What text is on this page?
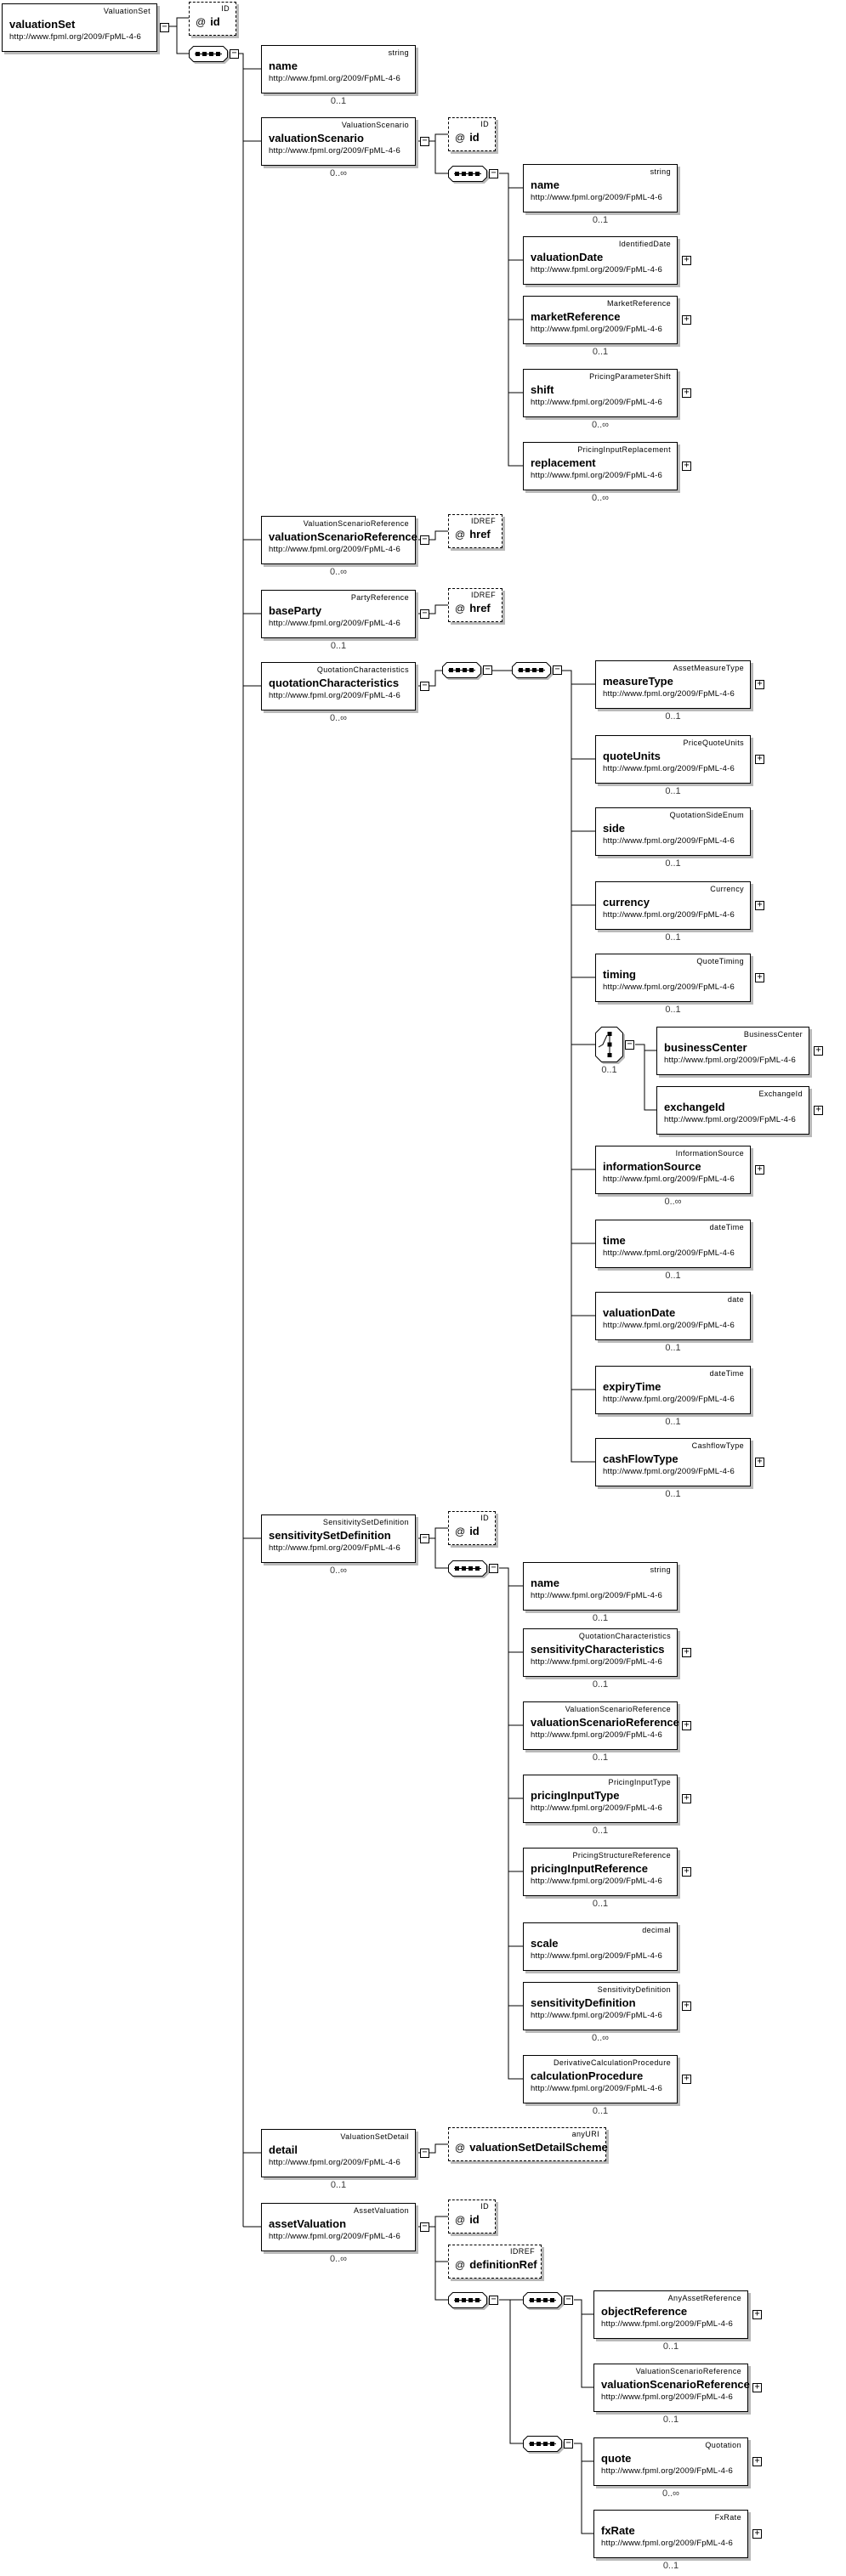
ValuationSet
valuationSet
http://www.fpml.org/2009/FpML-4-6
−
ID
@ id
−	string
name
http://www.fpml.org/2009/FpML-4-6
0..1
ValuationScenario
valuationScenario
http://www.fpml.org/2009/FpML-4-6
−
0..∞
ID
@ id
−	string
name
http://www.fpml.org/2009/FpML-4-6
0..1
IdentifiedDate
valuationDate
http://www.fpml.org/2009/FpML-4-6
+
MarketReference
marketReference
http://www.fpml.org/2009/FpML-4-6
+
0..1
PricingParameterShift
shift
http://www.fpml.org/2009/FpML-4-6
+
0..∞
PricingInputReplacement
replacement
http://www.fpml.org/2009/FpML-4-6
+
0..∞
ValuationScenarioReference
valuationScenarioReference
http://www.fpml.org/2009/FpML-4-6
−
0..∞
IDREF
@ href
PartyReference
baseParty
http://www.fpml.org/2009/FpML-4-6
−
0..1
IDREF
@ href
QuotationCharacteristics
quotationCharacteristics
http://www.fpml.org/2009/FpML-4-6
−
0..∞
−	−	AssetMeasureType
measureType
http://www.fpml.org/2009/FpML-4-6
+
0..1
PriceQuoteUnits
quoteUnits
http://www.fpml.org/2009/FpML-4-6
+
0..1
QuotationSideEnum
side
http://www.fpml.org/2009/FpML-4-6
0..1
Currency
currency
http://www.fpml.org/2009/FpML-4-6
+
0..1
QuoteTiming
timing
http://www.fpml.org/2009/FpML-4-6
+
0..1
−
0..1
BusinessCenter
businessCenter
http://www.fpml.org/2009/FpML-4-6
+
ExchangeId
exchangeId
http://www.fpml.org/2009/FpML-4-6
+
InformationSource
informationSource
http://www.fpml.org/2009/FpML-4-6
+
0..∞
dateTime
time
http://www.fpml.org/2009/FpML-4-6
0..1
date
valuationDate
http://www.fpml.org/2009/FpML-4-6
0..1
dateTime
expiryTime
http://www.fpml.org/2009/FpML-4-6
0..1
CashflowType
cashFlowType
http://www.fpml.org/2009/FpML-4-6
+
0..1
SensitivitySetDefinition
sensitivitySetDefinition
http://www.fpml.org/2009/FpML-4-6
−
0..∞
ID
@ id
−	string
name
http://www.fpml.org/2009/FpML-4-6
0..1
QuotationCharacteristics
sensitivityCharacteristics
http://www.fpml.org/2009/FpML-4-6
+
0..1
ValuationScenarioReference
valuationScenarioReference
http://www.fpml.org/2009/FpML-4-6
+
0..1
PricingInputType
pricingInputType
http://www.fpml.org/2009/FpML-4-6
+
0..1
PricingStructureReference
pricingInputReference
http://www.fpml.org/2009/FpML-4-6
+
0..1
decimal
scale
http://www.fpml.org/2009/FpML-4-6
SensitivityDefinition
sensitivityDefinition
http://www.fpml.org/2009/FpML-4-6
+
0..∞
DerivativeCalculationProcedure
calculationProcedure
http://www.fpml.org/2009/FpML-4-6
+
0..1
ValuationSetDetail
detail
http://www.fpml.org/2009/FpML-4-6
−
0..1
anyURI
@ valuationSetDetailScheme
AssetValuation
assetValuation
http://www.fpml.org/2009/FpML-4-6
−
0..∞
ID
@ id
IDREF
@ definitionRef
−	−
−
AnyAssetReference
objectReference
http://www.fpml.org/2009/FpML-4-6
+
0..1
ValuationScenarioReference
valuationScenarioReference
http://www.fpml.org/2009/FpML-4-6
+
0..1
Quotation
quote
http://www.fpml.org/2009/FpML-4-6
+
0..∞
FxRate
fxRate
http://www.fpml.org/2009/FpML-4-6
+
0..1
